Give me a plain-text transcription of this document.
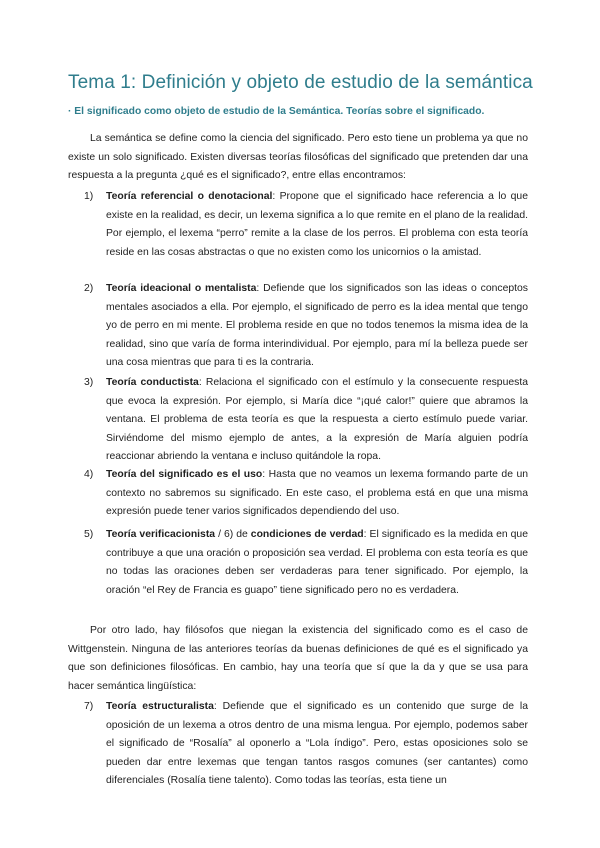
Tema 1: Definición y objeto de estudio de la semántica
· El significado como objeto de estudio de la Semántica. Teorías sobre el significado.

La semántica se define como la ciencia del significado. Pero esto tiene un problema ya que no existe un solo significado. Existen diversas teorías filosóficas del significado que pretenden dar una respuesta a la pregunta ¿qué es el significado?, entre ellas encontramos:

1) Teoría referencial o denotacional: Propone que el significado hace referencia a lo que existe en la realidad, es decir, un lexema significa a lo que remite en el plano de la realidad. Por ejemplo, el lexema “perro” remite a la clase de los perros. El problema con esta teoría reside en las cosas abstractas o que no existen como los unicornios o la amistad.

2) Teoría ideacional o mentalista: Defiende que los significados son las ideas o conceptos mentales asociados a ella. Por ejemplo, el significado de perro es la idea mental que tengo yo de perro en mi mente. El problema reside en que no todos tenemos la misma idea de la realidad, sino que varía de forma interindividual. Por ejemplo, para mí la belleza puede ser una cosa mientras que para ti es la contraria.

3) Teoría conductista: Relaciona el significado con el estímulo y la consecuente respuesta que evoca la expresión. Por ejemplo, si María dice “¡qué calor!” quiere que abramos la ventana. El problema de esta teoría es que la respuesta a cierto estímulo puede variar. Sirviéndome del mismo ejemplo de antes, a la expresión de María alguien podría reaccionar abriendo la ventana e incluso quitándole la ropa.

4) Teoría del significado es el uso: Hasta que no veamos un lexema formando parte de un contexto no sabremos su significado. En este caso, el problema está en que una misma expresión puede tener varios significados dependiendo del uso.

5) Teoría verificacionista / 6) de condiciones de verdad: El significado es la medida en que contribuye a que una oración o proposición sea verdad. El problema con esta teoría es que no todas las oraciones deben ser verdaderas para tener significado. Por ejemplo, la oración “el Rey de Francia es guapo” tiene significado pero no es verdadera.

Por otro lado, hay filósofos que niegan la existencia del significado como es el caso de Wittgenstein. Ninguna de las anteriores teorías da buenas definiciones de qué es el significado ya que son definiciones filosóficas. En cambio, hay una teoría que sí que la da y que se usa para hacer semántica lingüística:

7) Teoría estructuralista: Defiende que el significado es un contenido que surge de la oposición de un lexema a otros dentro de una misma lengua. Por ejemplo, podemos saber el significado de “Rosalía” al oponerlo a “Lola índigo”. Pero, estas oposiciones solo se pueden dar entre lexemas que tengan tantos rasgos comunes (ser cantantes) como diferenciales (Rosalía tiene talento). Como todas las teorías, esta tiene un
